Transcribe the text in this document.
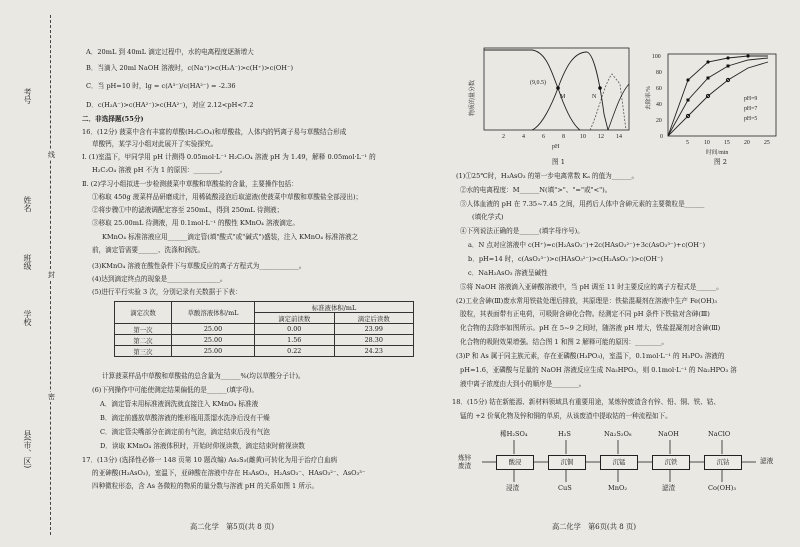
考号
姓名
班级
学校
县(市、区)
线
封
密
A．20mL 到 40mL 滴定过程中，水的电离程度逐渐增大
B．当滴入 20ml NaOH 溶液时，c(Na⁺)>c(H₂A⁻)>c(H⁺)>c(OH⁻)
C．当 pH=10 时，lg = c(A³⁻)/c(HA²⁻) = -2.36
D．c(H₂A⁻)>c(HA²⁻)>c(HA²⁻)，对应 2.12<pH<7.2
二．非选择题(55分)
16．(12分) 菠菜中含有丰富的草酸(H₂C₂O₄)和草酸盐，人体内的钙离子易与草酸结合形成
草酸钙，某学习小组对此展开了实验探究。
Ⅰ. (1)室温下，甲同学用 pH 计测得 0.05mol·L⁻¹ H₂C₂O₄ 溶液 pH 为 1.49，解释 0.05mol·L⁻¹ 的
H₂C₂O₄ 溶液 pH 不为 1 的原因：________。
Ⅱ. (2)学习小组拟进一步检测菠菜中草酸和草酸盐的含量，主要操作包括：
①称取 450g 菠菜样品研磨成汁，用稀硫酸浸泡后取滤液(使菠菜中草酸和草酸盐全部浸出)；
②将步骤①中的滤液调配定容至 250mL，得到 250mL 待测液；
③移取 25.00mL 待测液，用 0.1mol·L⁻¹ 的酸性 KMnO₄ 溶液滴定。
KMnO₄ 标准溶液应用______滴定管(填"酸式"或"碱式")盛装，注入 KMnO₄ 标准溶液之
前，滴定管需要______、洗涤和润洗。
(3)KMnO₄ 溶液在酸性条件下与草酸反应的离子方程式为____________。
(4)达到滴定终点的现象是________________。
(5)进行平行实验 3 次，分别记录有关数据于下表：
滴定次数	草酸溶液体积/mL	标准液体积/mL	
		滴定前读数	滴定后读数
第一次	25.00	0.00	23.99
第二次	25.00	1.56	28.30
第三次	25.00	0.22	24.23
计算菠菜样品中草酸和草酸盐的总含量为______%(均以草酸分子计)。
(6)下列操作中可能使测定结果偏低的是______(填字母)。
A．滴定管未用标准液润洗就直接注入 KMnO₄ 标准液
B．滴定前盛放草酸溶液的锥形瓶用蒸馏水洗净后没有干燥
C．滴定管尖嘴部分在滴定前有气泡，滴定结束后没有气泡
D．读取 KMnO₄ 溶液体积时，开始时仰视读数，滴定结束时俯视读数
17．(13分) (选择性必修一 148 页第 10 题改编) As₂S₃(雌黄)可转化为用于治疗白血病
的亚砷酸(H₃AsO₃)，室温下，亚砷酸在溶液中存在 H₃AsO₃、H₂AsO₃⁻、HAsO₃²⁻、AsO₃³⁻
四种微粒形态，含 As 各微粒的物质的量分数与溶液 pH 的关系如图 1 所示。
高二化学　第5页(共 8 页)
(9,0.5)
M	N
2	4	6	8	10 12 14
pH
物质的量分数
图 1
100
80
60
40
20
0
5	10 15 20 25
时间/min
去除率/%	pH=9
pH=7
pH=5
图 2
(1)①25℃时，H₃AsO₃ 的第一步电离常数 Kₐ 的值为______。
②水的电离程度：M______N(填">"、"="或"<")。
③人体血液的 pH 在 7.35~7.45 之间，用药后人体中含砷元素的主要微粒是______
(填化学式)
④下列说法正确的是______(填字母序号)。
a．N 点对应溶液中 c(H⁺)=c(H₂AsO₃⁻)+2c(HAsO₃²⁻)+3c(AsO₃³⁻)+c(OH⁻)
b．pH=14 时，c(AsO₃³⁻)>c(HAsO₃²⁻)>c(H₂AsO₃⁻)>c(OH⁻)
c．NaH₂AsO₃ 溶液呈碱性
⑤将 NaOH 溶液滴入亚砷酸溶液中，当 pH 调至 11 时主要反应的离子方程式是______。
(2)工业含砷(Ⅲ)废水常用铁盐处理后排放，其原理是：铁盐混凝剂在溶液中生产 Fe(OH)₃
胶粒，其表面带有正电荷，可吸附含砷化合物。经测定不同 pH 条件下铁盐对含砷(Ⅲ)
化合物的去除率如图所示。pH 在 5~9 之间时，随溶液 pH 增大，铁盐混凝剂对含砷(Ⅲ)
化合物的吸附效果增强。结合图 1 和图 2 解释可能的原因：________。
(3)P 和 As 属于同主族元素，存在亚磷酸(H₃PO₃)，室温下，0.1mol·L⁻¹ 的 H₃PO₃ 溶液的
pH=1.6，亚磷酸与足量的 NaOH 溶液反应生成 Na₂HPO₃，则 0.1mol·L⁻¹ 的 Na₂HPO₃ 溶
液中离子浓度由大到小的顺序是________。
18．(15分) 钴在新能源、新材料领域具有重要用途，某炼锌废渣含有锌、铅、铜、铁、钴、
锰的 +2 价氧化物及锌和铜的单质，从该废渣中提取钴的一种流程如下。
炼锌
废渣	酸浸	沉铜	沉锰	沉铁	沉钴	滤液
稀H₂SO₄	H₂S	Na₂S₂O₈	NaOH	NaClO
浸渣	CuS	MnO₂	滤渣	Co(OH)₃
高二化学　第6页(共 8 页)
